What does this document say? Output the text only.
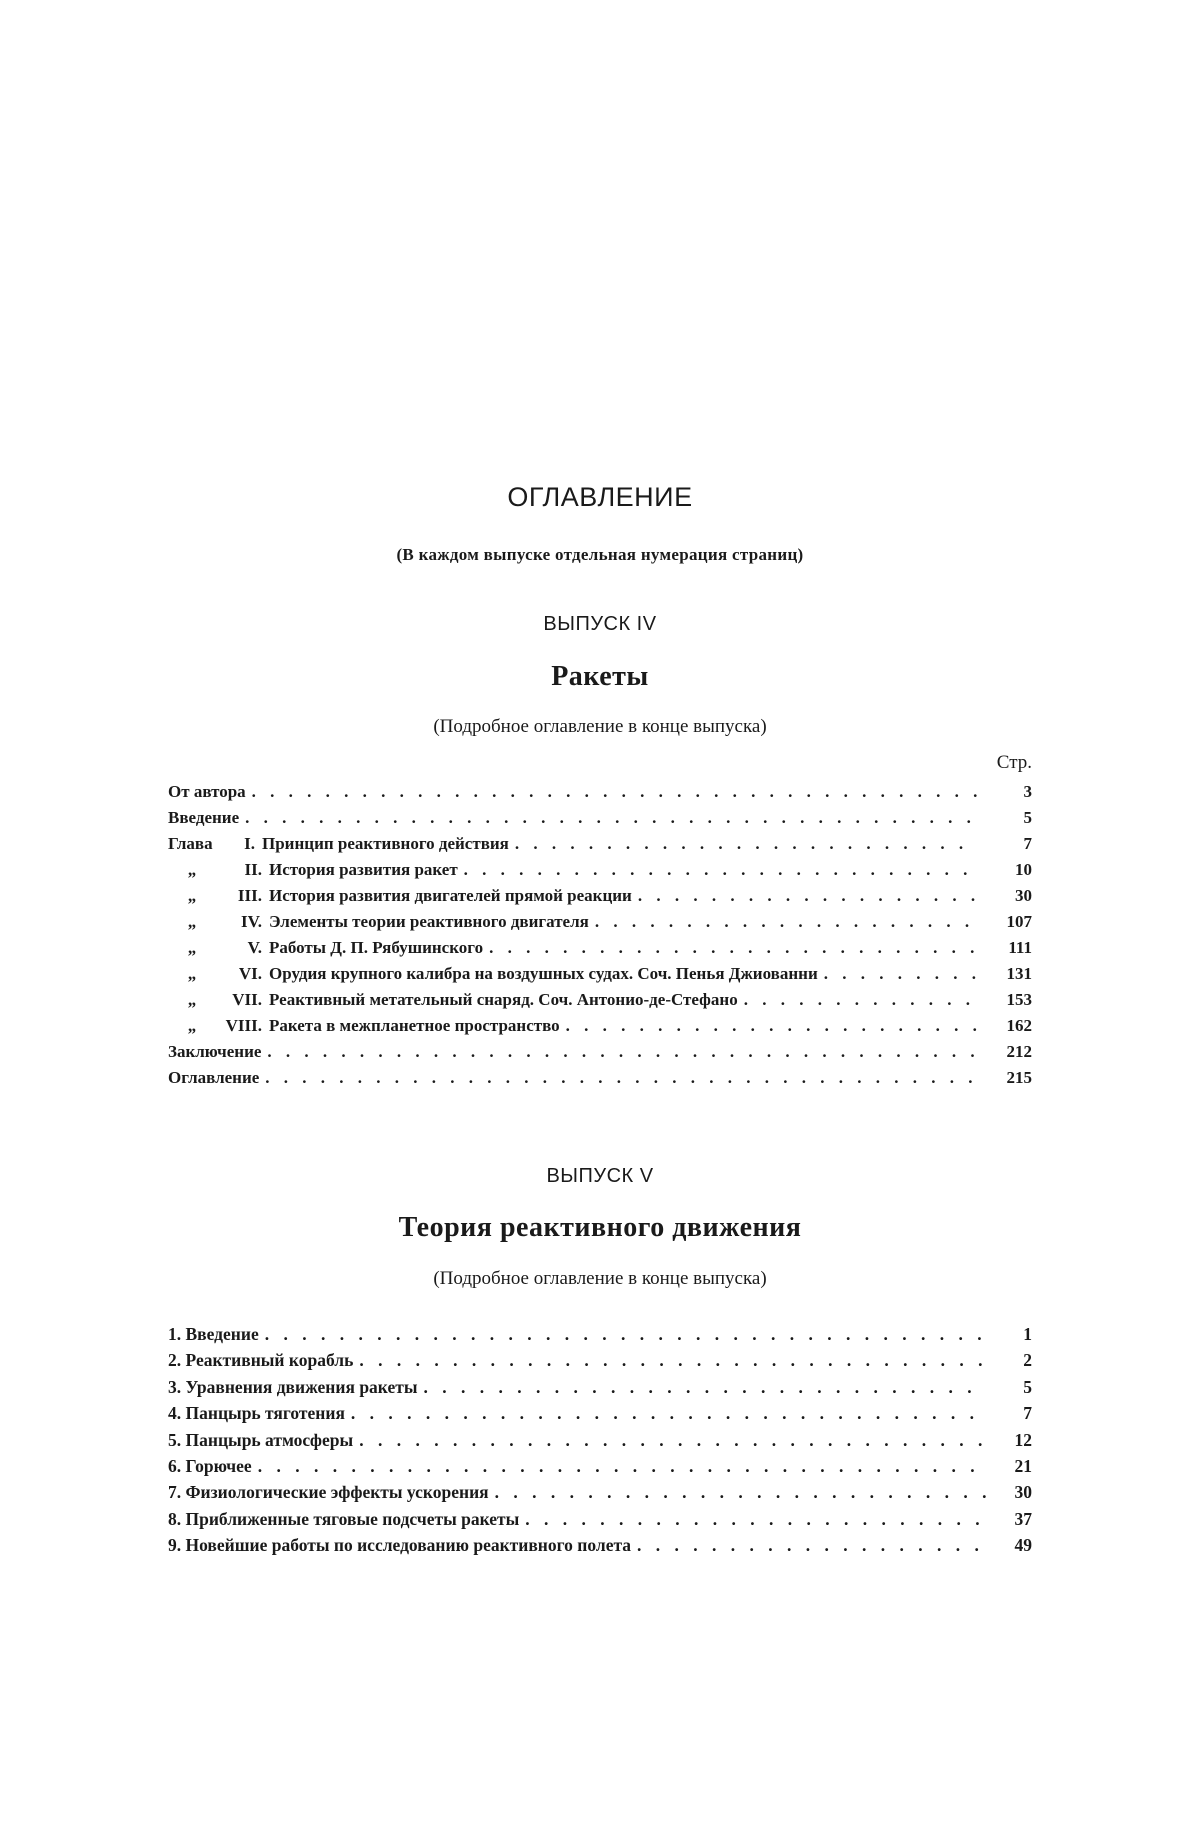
ОГЛАВЛЕНИЕ
(В каждом выпуске отдельная нумерация страниц)
ВЫПУСК IV
Ракеты
(Подробное оглавление в конце выпуска)
Стр.
От автора . . .	3
Введение . . .	5
Глава	I. Принцип реактивного действия . . .	7
„	II. История развития ракет . . .	10
„	III. История развития двигателей прямой реакции . . .	30
„	IV. Элементы теории реактивного двигателя . . .	107
„	V. Работы Д. П. Рябушинского . . .	111
„	VI. Орудия крупного калибра на воздушных судах. Соч. Пенья Джиованни . . .	131
„	VII. Реактивный метательный снаряд. Соч. Антонио-де-Стефано . . .	153
„	VIII. Ракета в межпланетное пространство . . .	162
Заключение . . .	212
Оглавление . . .	215
ВЫПУСК V
Теория реактивного движения
(Подробное оглавление в конце выпуска)
1. Введение . . .	1
2. Реактивный корабль . . .	2
3. Уравнения движения ракеты . . .	5
4. Панцырь тяготения . . .	7
5. Панцырь атмосферы . . .	12
6. Горючее . . .	21
7. Физиологические эффекты ускорения . . .	30
8. Приближенные тяговые подсчеты ракеты . . .	37
9. Новейшие работы по исследованию реактивного полета . . .	49
